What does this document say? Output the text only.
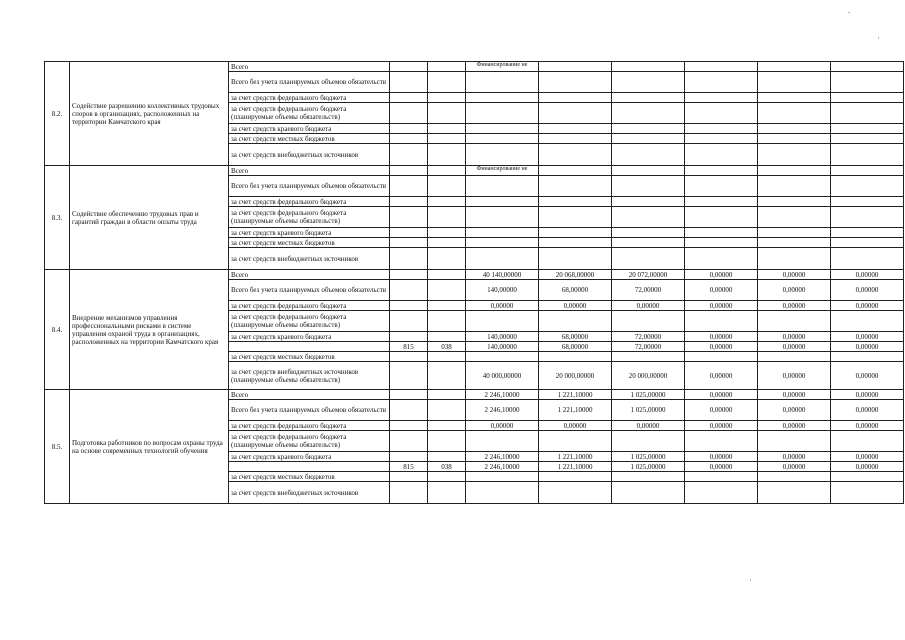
-
'
'
8.2.	Содействие разрешению коллективных трудовых споров в организациях, расположенных на территории Камчатского края	Всего			Финансирование не					
		Всего без учета планируемых объемов обязательств								
		за счет средств федерального бюджета								
		за счет средств федерального бюджета (планируемые объемы обязательств)								
		за счет средств краевого бюджета								
		за счет средств местных бюджетов								
		за счет средств внебюджетных источников								
8.3.	Содействие обеспечению трудовых прав и гарантий граждан в области оплаты труда	Всего			Финансирование не					
		Всего без учета планируемых объемов обязательств								
		за счет средств федерального бюджета								
		за счет средств федерального бюджета (планируемые объемы обязательств)								
		за счет средств краевого бюджета								
		за счет средств местных бюджетов								
		за счет средств внебюджетных источников								
8.4.	Внедрение механизмов управления профессиональными рисками в системе управления охраной труда в организациях, расположенных на территории Камчатского края	Всего			40 140,00000	20 068,00000	20 072,00000	0,00000	0,00000	0,00000
		Всего без учета планируемых объемов обязательств			140,00000	68,00000	72,00000	0,00000	0,00000	0,00000
		за счет средств федерального бюджета			0,00000	0,00000	0,00000	0,00000	0,00000	0,00000
		за счет средств федерального бюджета (планируемые объемы обязательств)								
		за счет средств краевого бюджета			140,00000	68,00000	72,00000	0,00000	0,00000	0,00000
			815	038	140,00000	68,00000	72,00000	0,00000	0,00000	0,00000
		за счет средств местных бюджетов								
		за счет средств внебюджетных источников (планируемые объемы обязательств)			40 000,00000	20 000,00000	20 000,00000	0,00000	0,00000	0,00000
8.5.	Подготовка работников по вопросам охраны труда на основе современных технологий обучения	Всего			2 246,10000	1 221,10000	1 025,00000	0,00000	0,00000	0,00000
		Всего без учета планируемых объемов обязательств			2 246,10000	1 221,10000	1 025,00000	0,00000	0,00000	0,00000
		за счет средств федерального бюджета			0,00000	0,00000	0,00000	0,00000	0,00000	0,00000
		за счет средств федерального бюджета (планируемые объемы обязательств)								
		за счет средств краевого бюджета			2 246,10000	1 221,10000	1 025,00000	0,00000	0,00000	0,00000
			815	038	2 246,10000	1 221,10000	1 025,00000	0,00000	0,00000	0,00000
		за счет средств местных бюджетов								
		за счет средств внебюджетных источников								
